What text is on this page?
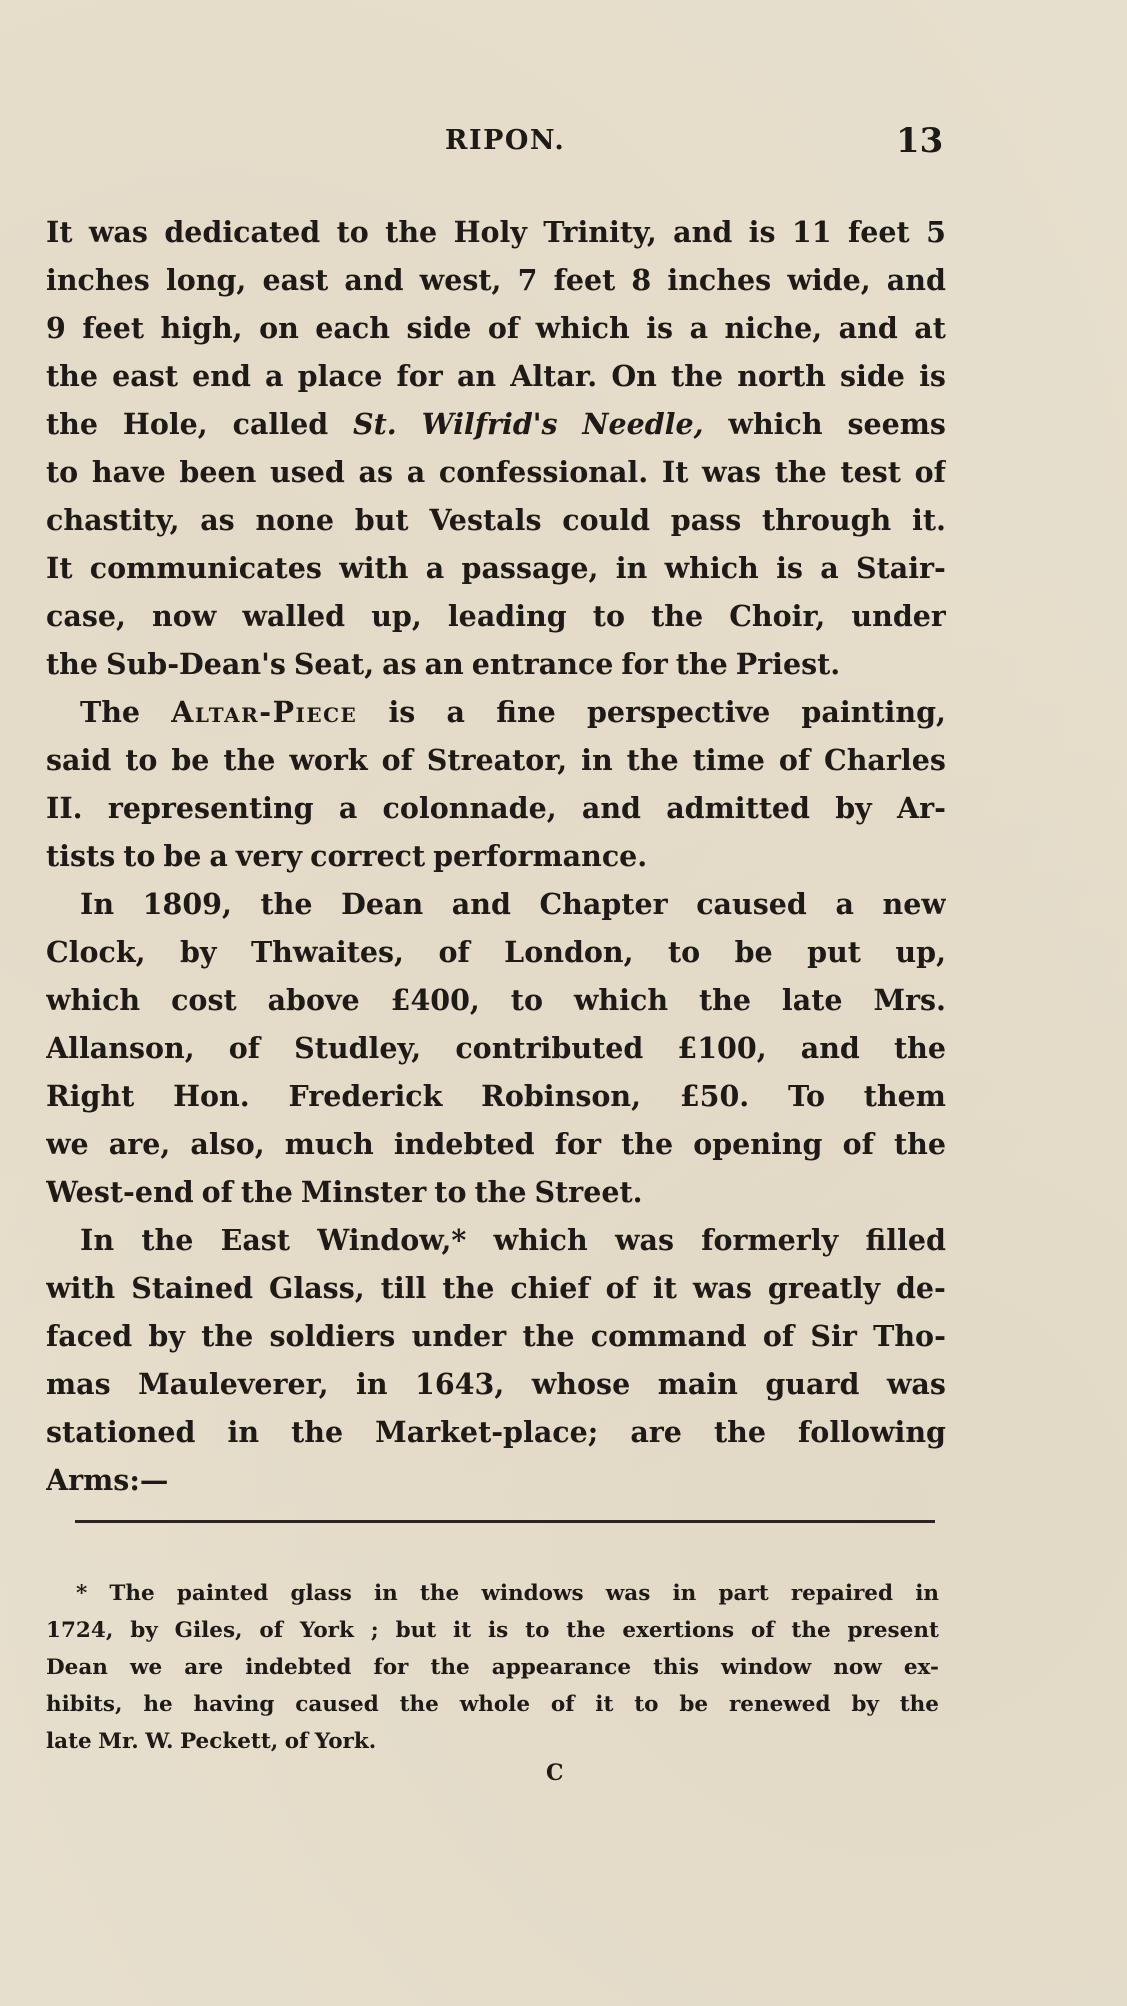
RIPON.	13
It was dedicated to the Holy Trinity, and is 11 feet 5
inches long, east and west, 7 feet 8 inches wide, and
9 feet high, on each side of which is a niche, and at
the east end a place for an Altar. On the north side is
the Hole, called St. Wilfrid's Needle, which seems
to have been used as a confessional. It was the test of
chastity, as none but Vestals could pass through it.
It communicates with a passage, in which is a Stair-
case, now walled up, leading to the Choir, under
the Sub-Dean's Seat, as an entrance for the Priest.
The Altar-Piece is a fine perspective painting,
said to be the work of Streator, in the time of Charles
II. representing a colonnade, and admitted by Ar-
tists to be a very correct performance.
In 1809, the Dean and Chapter caused a new
Clock, by Thwaites, of London, to be put up,
which cost above £400, to which the late Mrs.
Allanson, of Studley, contributed £100, and the
Right Hon. Frederick Robinson, £50. To them
we are, also, much indebted for the opening of the
West-end of the Minster to the Street.
In the East Window,* which was formerly filled
with Stained Glass, till the chief of it was greatly de-
faced by the soldiers under the command of Sir Tho-
mas Mauleverer, in 1643, whose main guard was
stationed in the Market-place; are the following
Arms:—
* The painted glass in the windows was in part repaired in
1724, by Giles, of York ; but it is to the exertions of the present
Dean we are indebted for the appearance this window now ex-
hibits, he having caused the whole of it to be renewed by the
late Mr. W. Peckett, of York.
C
